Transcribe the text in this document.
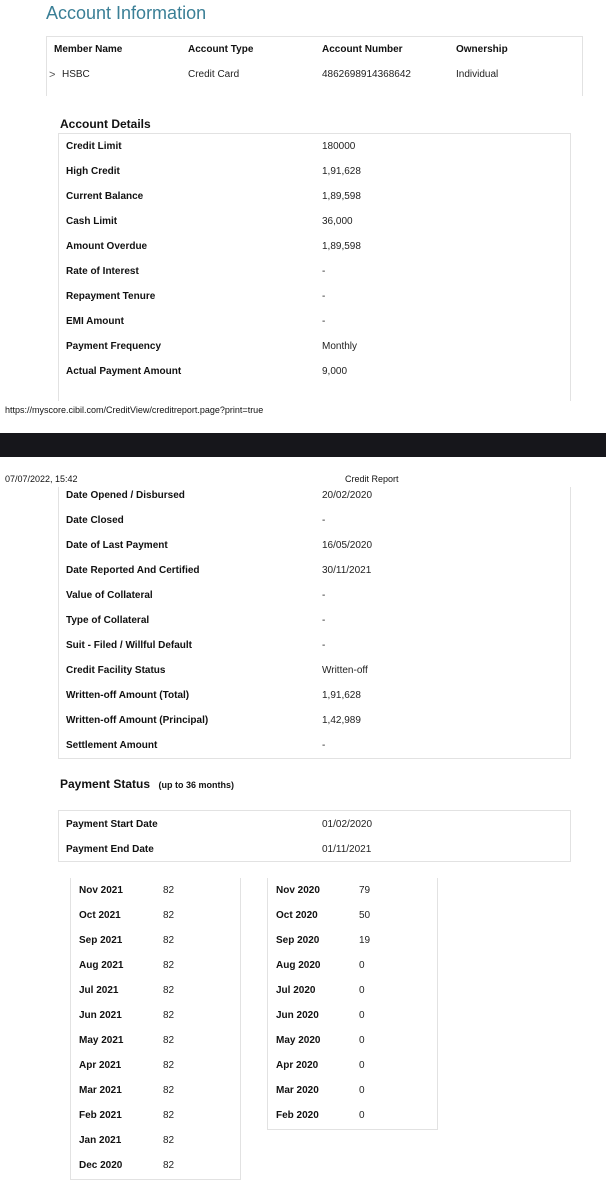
Account Information
Member Name	Account Type	Account Number	Ownership
> HSBC	Credit Card	4862698914368642	Individual
Account Details
Credit Limit	180000
High Credit	1,91,628
Current Balance	1,89,598
Cash Limit	36,000
Amount Overdue	1,89,598
Rate of Interest	-
Repayment Tenure	-
EMI Amount	-
Payment Frequency	Monthly
Actual Payment Amount	9,000
https://myscore.cibil.com/CreditView/creditreport.page?print=true
07/07/2022, 15:42	Credit Report
Date Opened / Disbursed	20/02/2020
Date Closed	-
Date of Last Payment	16/05/2020
Date Reported And Certified	30/11/2021
Value of Collateral	-
Type of Collateral	-
Suit - Filed / Willful Default	-
Credit Facility Status	Written-off
Written-off Amount (Total)	1,91,628
Written-off Amount (Principal)	1,42,989
Settlement Amount	-
Payment Status (up to 36 months)
Payment Start Date	01/02/2020
Payment End Date	01/11/2021
Nov 2021	82
Oct 2021	82
Sep 2021	82
Aug 2021	82
Jul 2021	82
Jun 2021	82
May 2021	82
Apr 2021	82
Mar 2021	82
Feb 2021	82
Jan 2021	82
Dec 2020	82
Nov 2020	79
Oct 2020	50
Sep 2020	19
Aug 2020	0
Jul 2020	0
Jun 2020	0
May 2020	0
Apr 2020	0
Mar 2020	0
Feb 2020	0
